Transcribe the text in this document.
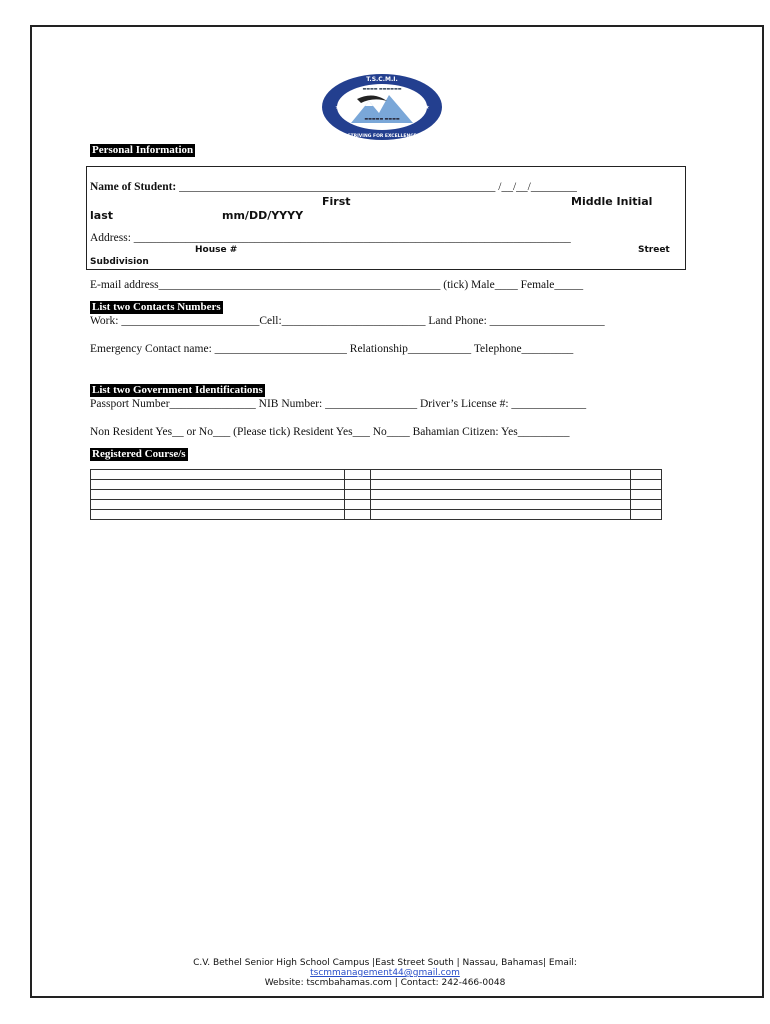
▬▬▬▬▬ ▬▬▬▬
▬▬▬▬ ▬▬▬▬▬▬
T.S.C.M.I.
STRIVING FOR EXCELLENCE
★ ★	★ ★
Personal Information
Name of Student: _______________________________________________________ /__/__/________
First	Middle Initial
last	mm/DD/YYYY
Address: ____________________________________________________________________________
House #	Street
Subdivision
E-mail address_________________________________________________ (tick) Male____ Female_____
List two Contacts Numbers
Work: ________________________Cell:_________________________ Land Phone: ____________________
Emergency Contact name: _______________________ Relationship___________ Telephone_________
List two Government Identifications
Passport Number_______________ NIB Number: ________________ Driver’s License #: _____________
Non Resident Yes__ or No___ (Please tick) Resident Yes___ No____ Bahamian Citizen: Yes_________
Registered Course/s

C.V. Bethel Senior High School Campus |East Street South | Nassau, Bahamas| Email:
tscmmanagement44@gmail.com
Website: tscmbahamas.com | Contact: 242-466-0048
